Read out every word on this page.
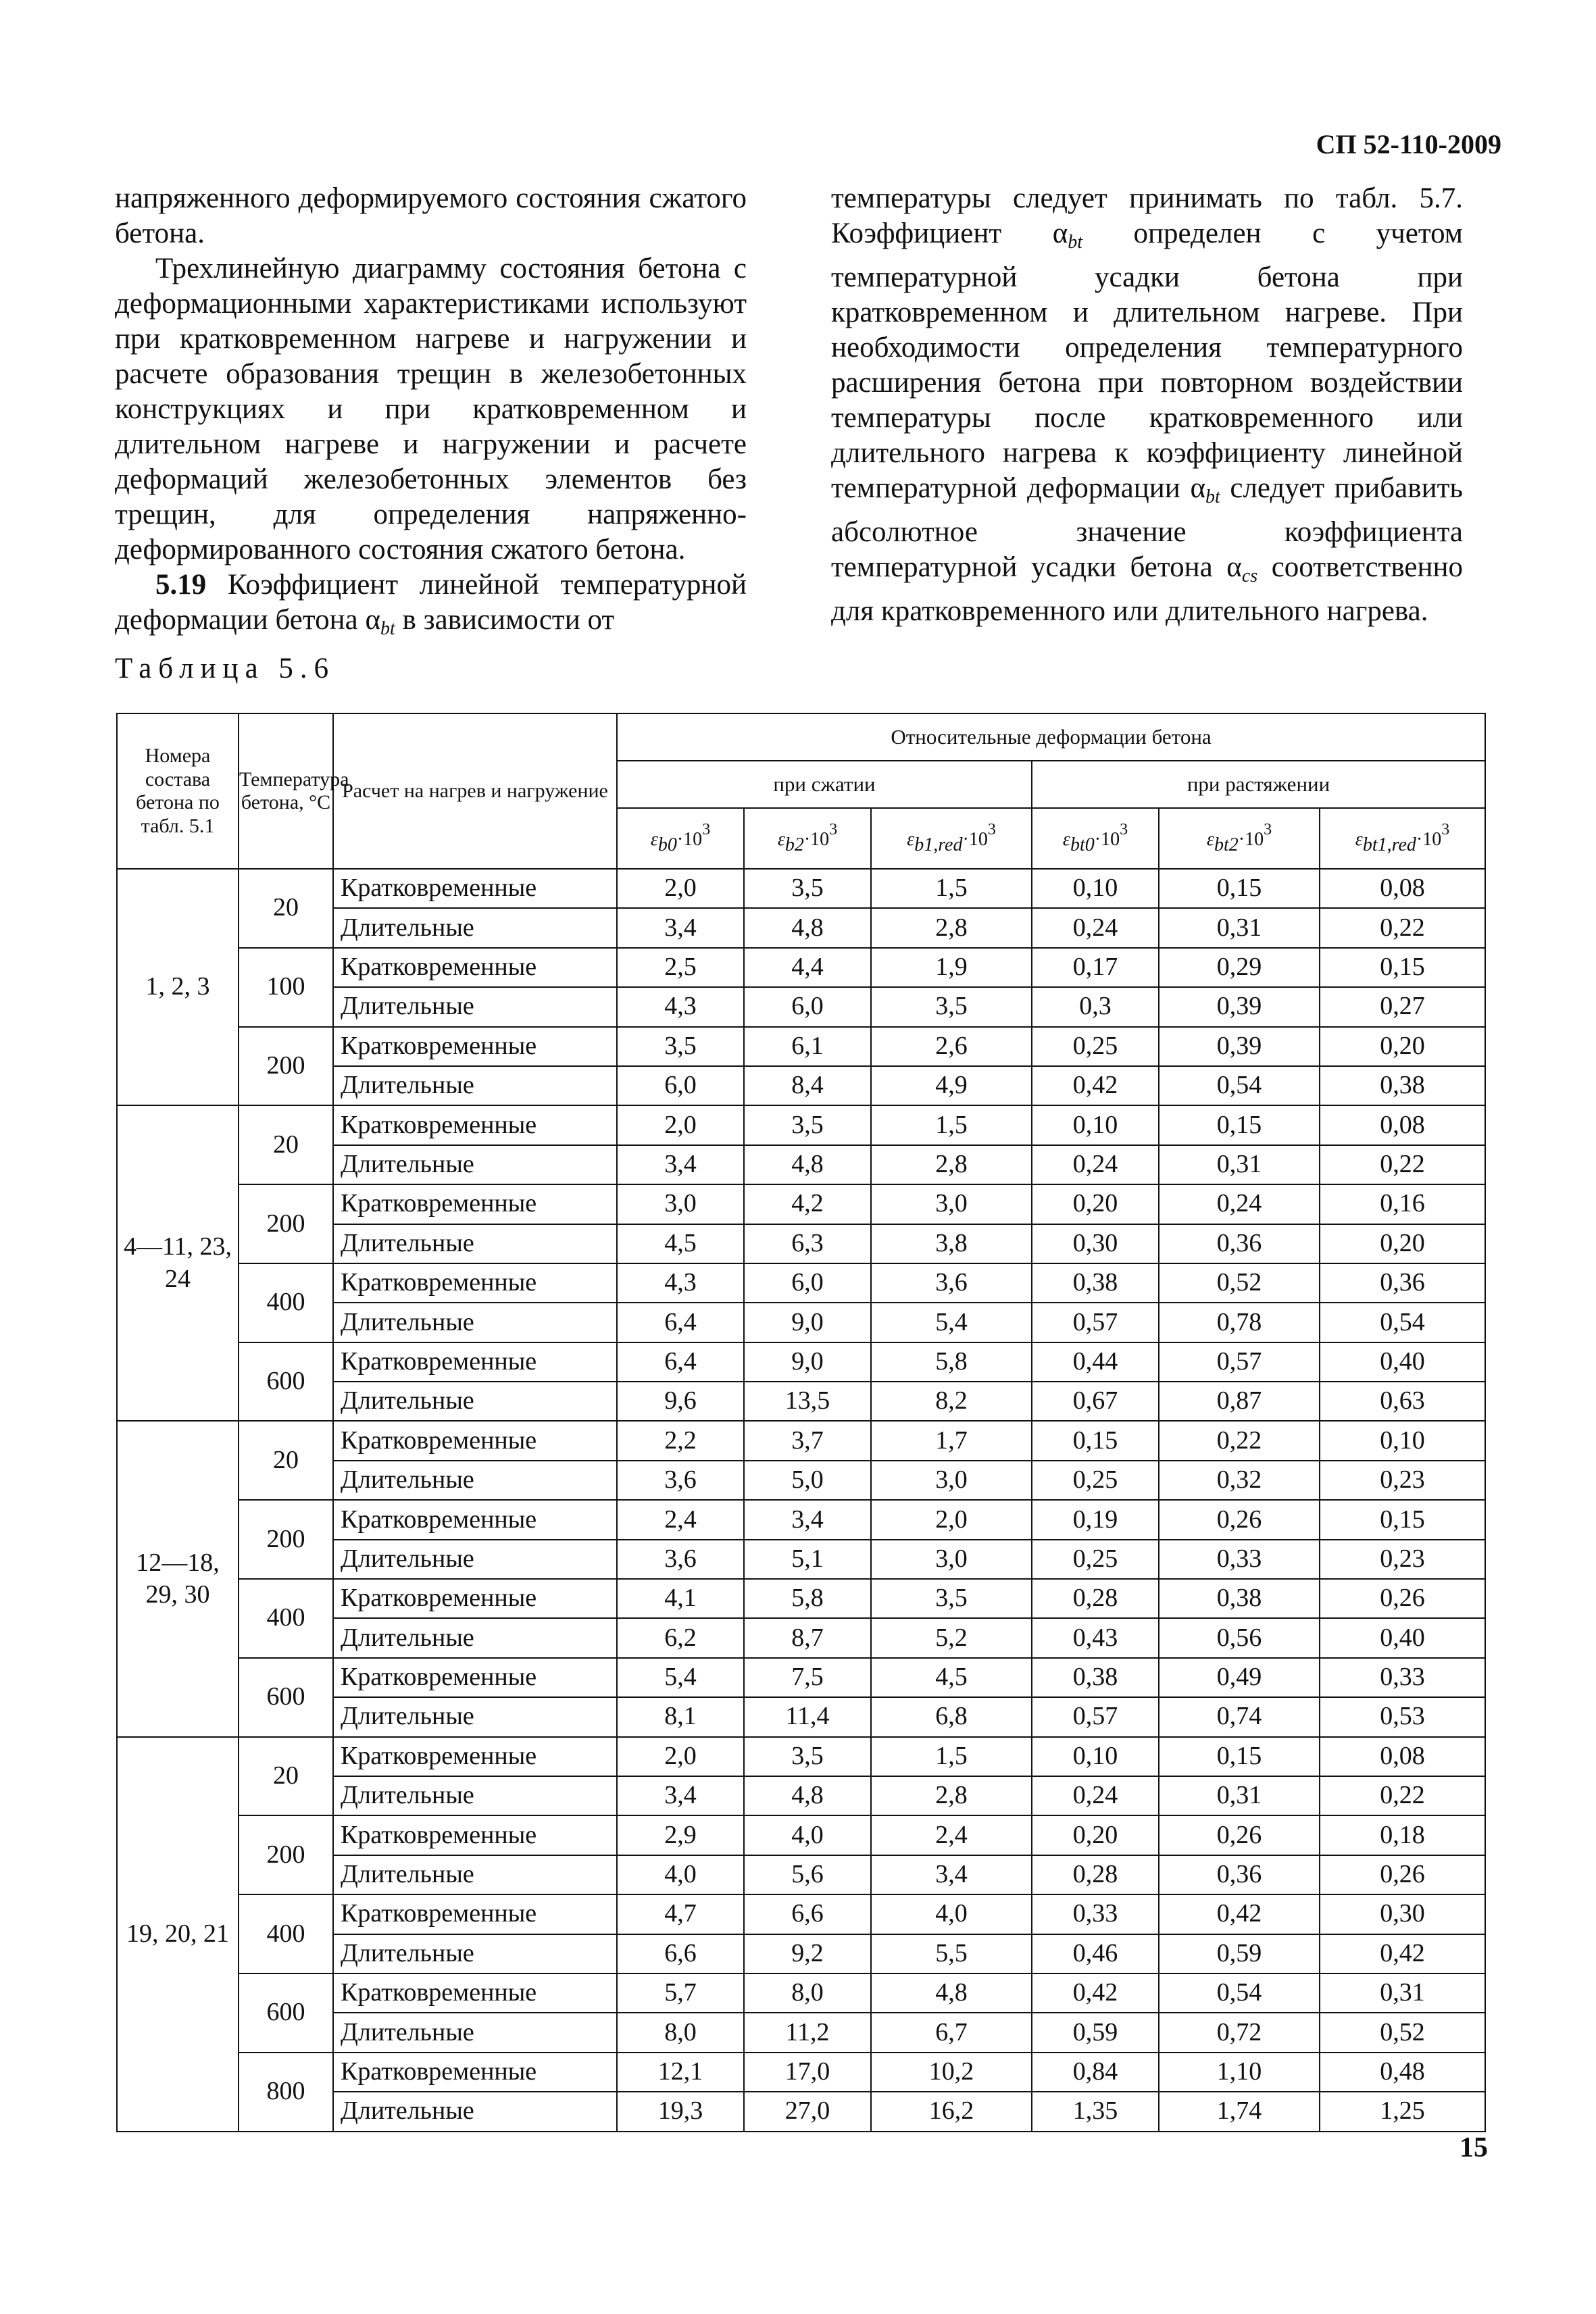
СП 52-110-2009

напряженного деформируемого состояния сжатого бетона.

Трехлинейную диаграмму состояния бетона с деформационными характеристиками используют при кратковременном нагреве и нагружении и расчете образования трещин в железобетонных конструкциях и при кратковременном и длительном нагреве и нагружении и расчете деформаций железобетонных элементов без трещин, для определения напряженно-деформированного состояния сжатого бетона.

5.19 Коэффициент линейной температурной деформации бетона $\alpha_{bt}$ в зависимости от

температуры следует принимать по табл. 5.7. Коэффициент $\alpha_{bt}$ определен с учетом температурной усадки бетона при кратковременном и длительном нагреве. При необходимости определения температурного расширения бетона при повторном воздействии температуры после кратковременного или длительного нагрева к коэффициенту линейной температурной деформации $\alpha_{bt}$ следует прибавить абсолютное значение коэффициента температурной усадки бетона $\alpha_{cs}$ соответственно для кратковременного или длительного нагрева.

Таблица 5.6
Номера состава бетона по табл. 5.1	Температура бетона, °С	Расчет на нагрев и нагружение	Относительные деформации бетона					
			при сжатии			при растяжении		
			εb0·103	εb2·103	εb1,red·103	εbt0·103	εbt2·103	εbt1,red·103
1, 2, 3	20	Кратковременные	2,0	3,5	1,5	0,10	0,15	0,08
		Длительные	3,4	4,8	2,8	0,24	0,31	0,22
	100	Кратковременные	2,5	4,4	1,9	0,17	0,29	0,15
		Длительные	4,3	6,0	3,5	0,3	0,39	0,27
	200	Кратковременные	3,5	6,1	2,6	0,25	0,39	0,20
		Длительные	6,0	8,4	4,9	0,42	0,54	0,38
4—11, 23, 24	20	Кратковременные	2,0	3,5	1,5	0,10	0,15	0,08
		Длительные	3,4	4,8	2,8	0,24	0,31	0,22
	200	Кратковременные	3,0	4,2	3,0	0,20	0,24	0,16
		Длительные	4,5	6,3	3,8	0,30	0,36	0,20
	400	Кратковременные	4,3	6,0	3,6	0,38	0,52	0,36
		Длительные	6,4	9,0	5,4	0,57	0,78	0,54
	600	Кратковременные	6,4	9,0	5,8	0,44	0,57	0,40
		Длительные	9,6	13,5	8,2	0,67	0,87	0,63
12—18, 29, 30	20	Кратковременные	2,2	3,7	1,7	0,15	0,22	0,10
		Длительные	3,6	5,0	3,0	0,25	0,32	0,23
	200	Кратковременные	2,4	3,4	2,0	0,19	0,26	0,15
		Длительные	3,6	5,1	3,0	0,25	0,33	0,23
	400	Кратковременные	4,1	5,8	3,5	0,28	0,38	0,26
		Длительные	6,2	8,7	5,2	0,43	0,56	0,40
	600	Кратковременные	5,4	7,5	4,5	0,38	0,49	0,33
		Длительные	8,1	11,4	6,8	0,57	0,74	0,53
19, 20, 21	20	Кратковременные	2,0	3,5	1,5	0,10	0,15	0,08
		Длительные	3,4	4,8	2,8	0,24	0,31	0,22
	200	Кратковременные	2,9	4,0	2,4	0,20	0,26	0,18
		Длительные	4,0	5,6	3,4	0,28	0,36	0,26
	400	Кратковременные	4,7	6,6	4,0	0,33	0,42	0,30
		Длительные	6,6	9,2	5,5	0,46	0,59	0,42
	600	Кратковременные	5,7	8,0	4,8	0,42	0,54	0,31
		Длительные	8,0	11,2	6,7	0,59	0,72	0,52
	800	Кратковременные	12,1	17,0	10,2	0,84	1,10	0,48
		Длительные	19,3	27,0	16,2	1,35	1,74	1,25
15
